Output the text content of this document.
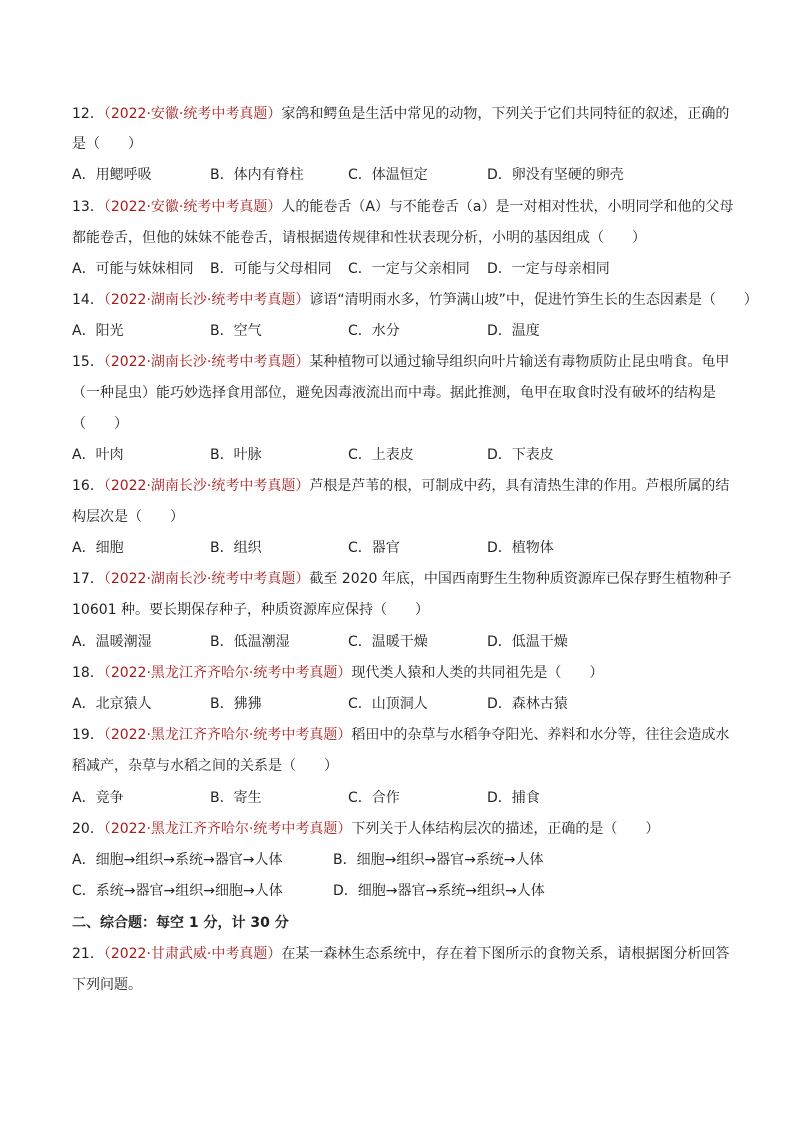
12．（2022·安徽·统考中考真题）家鸽和鳄鱼是生活中常见的动物，下列关于它们共同特征的叙述，正确的
是（　　）
A．用鳃呼吸	B．体内有脊柱	C．体温恒定	D．卵没有坚硬的卵壳
13．（2022·安徽·统考中考真题）人的能卷舌（A）与不能卷舌（a）是一对相对性状，小明同学和他的父母
都能卷舌，但他的妹妹不能卷舌，请根据遗传规律和性状表现分析，小明的基因组成（　　）
A．可能与妹妹相同 B．可能与父母相同 C．一定与父亲相同 D．一定与母亲相同
14．（2022·湖南长沙·统考中考真题）谚语“清明雨水多，竹笋满山坡”中，促进竹笋生长的生态因素是（　　）
A．阳光	B．空气	C．水分	D．温度
15．（2022·湖南长沙·统考中考真题）某种植物可以通过输导组织向叶片输送有毒物质防止昆虫啃食。龟甲
（一种昆虫）能巧妙选择食用部位，避免因毒液流出而中毒。据此推测，龟甲在取食时没有破坏的结构是
（　　）
A．叶肉	B．叶脉	C．上表皮	D．下表皮
16．（2022·湖南长沙·统考中考真题）芦根是芦苇的根，可制成中药，具有清热生津的作用。芦根所属的结
构层次是（　　）
A．细胞	B．组织	C．器官	D．植物体
17．（2022·湖南长沙·统考中考真题）截至 2020 年底，中国西南野生生物种质资源库已保存野生植物种子
10601 种。要长期保存种子，种质资源库应保持（　　）
A．温暖潮湿	B．低温潮湿	C．温暖干燥	D．低温干燥
18．（2022·黑龙江齐齐哈尔·统考中考真题）现代类人猿和人类的共同祖先是（　　）
A．北京猿人	B．狒狒	C．山顶洞人	D．森林古猿
19．（2022·黑龙江齐齐哈尔·统考中考真题）稻田中的杂草与水稻争夺阳光、养料和水分等，往往会造成水
稻减产，杂草与水稻之间的关系是（　　）
A．竞争	B．寄生	C．合作	D．捕食
20．（2022·黑龙江齐齐哈尔·统考中考真题）下列关于人体结构层次的描述，正确的是（　　）
A．细胞→组织→系统→器官→人体	B．细胞→组织→器官→系统→人体
C．系统→器官→组织→细胞→人体	D．细胞→器官→系统→组织→人体
二、综合题：每空 1 分，计 30 分
21．（2022·甘肃武威·中考真题）在某一森林生态系统中，存在着下图所示的食物关系，请根据图分析回答
下列问题。
